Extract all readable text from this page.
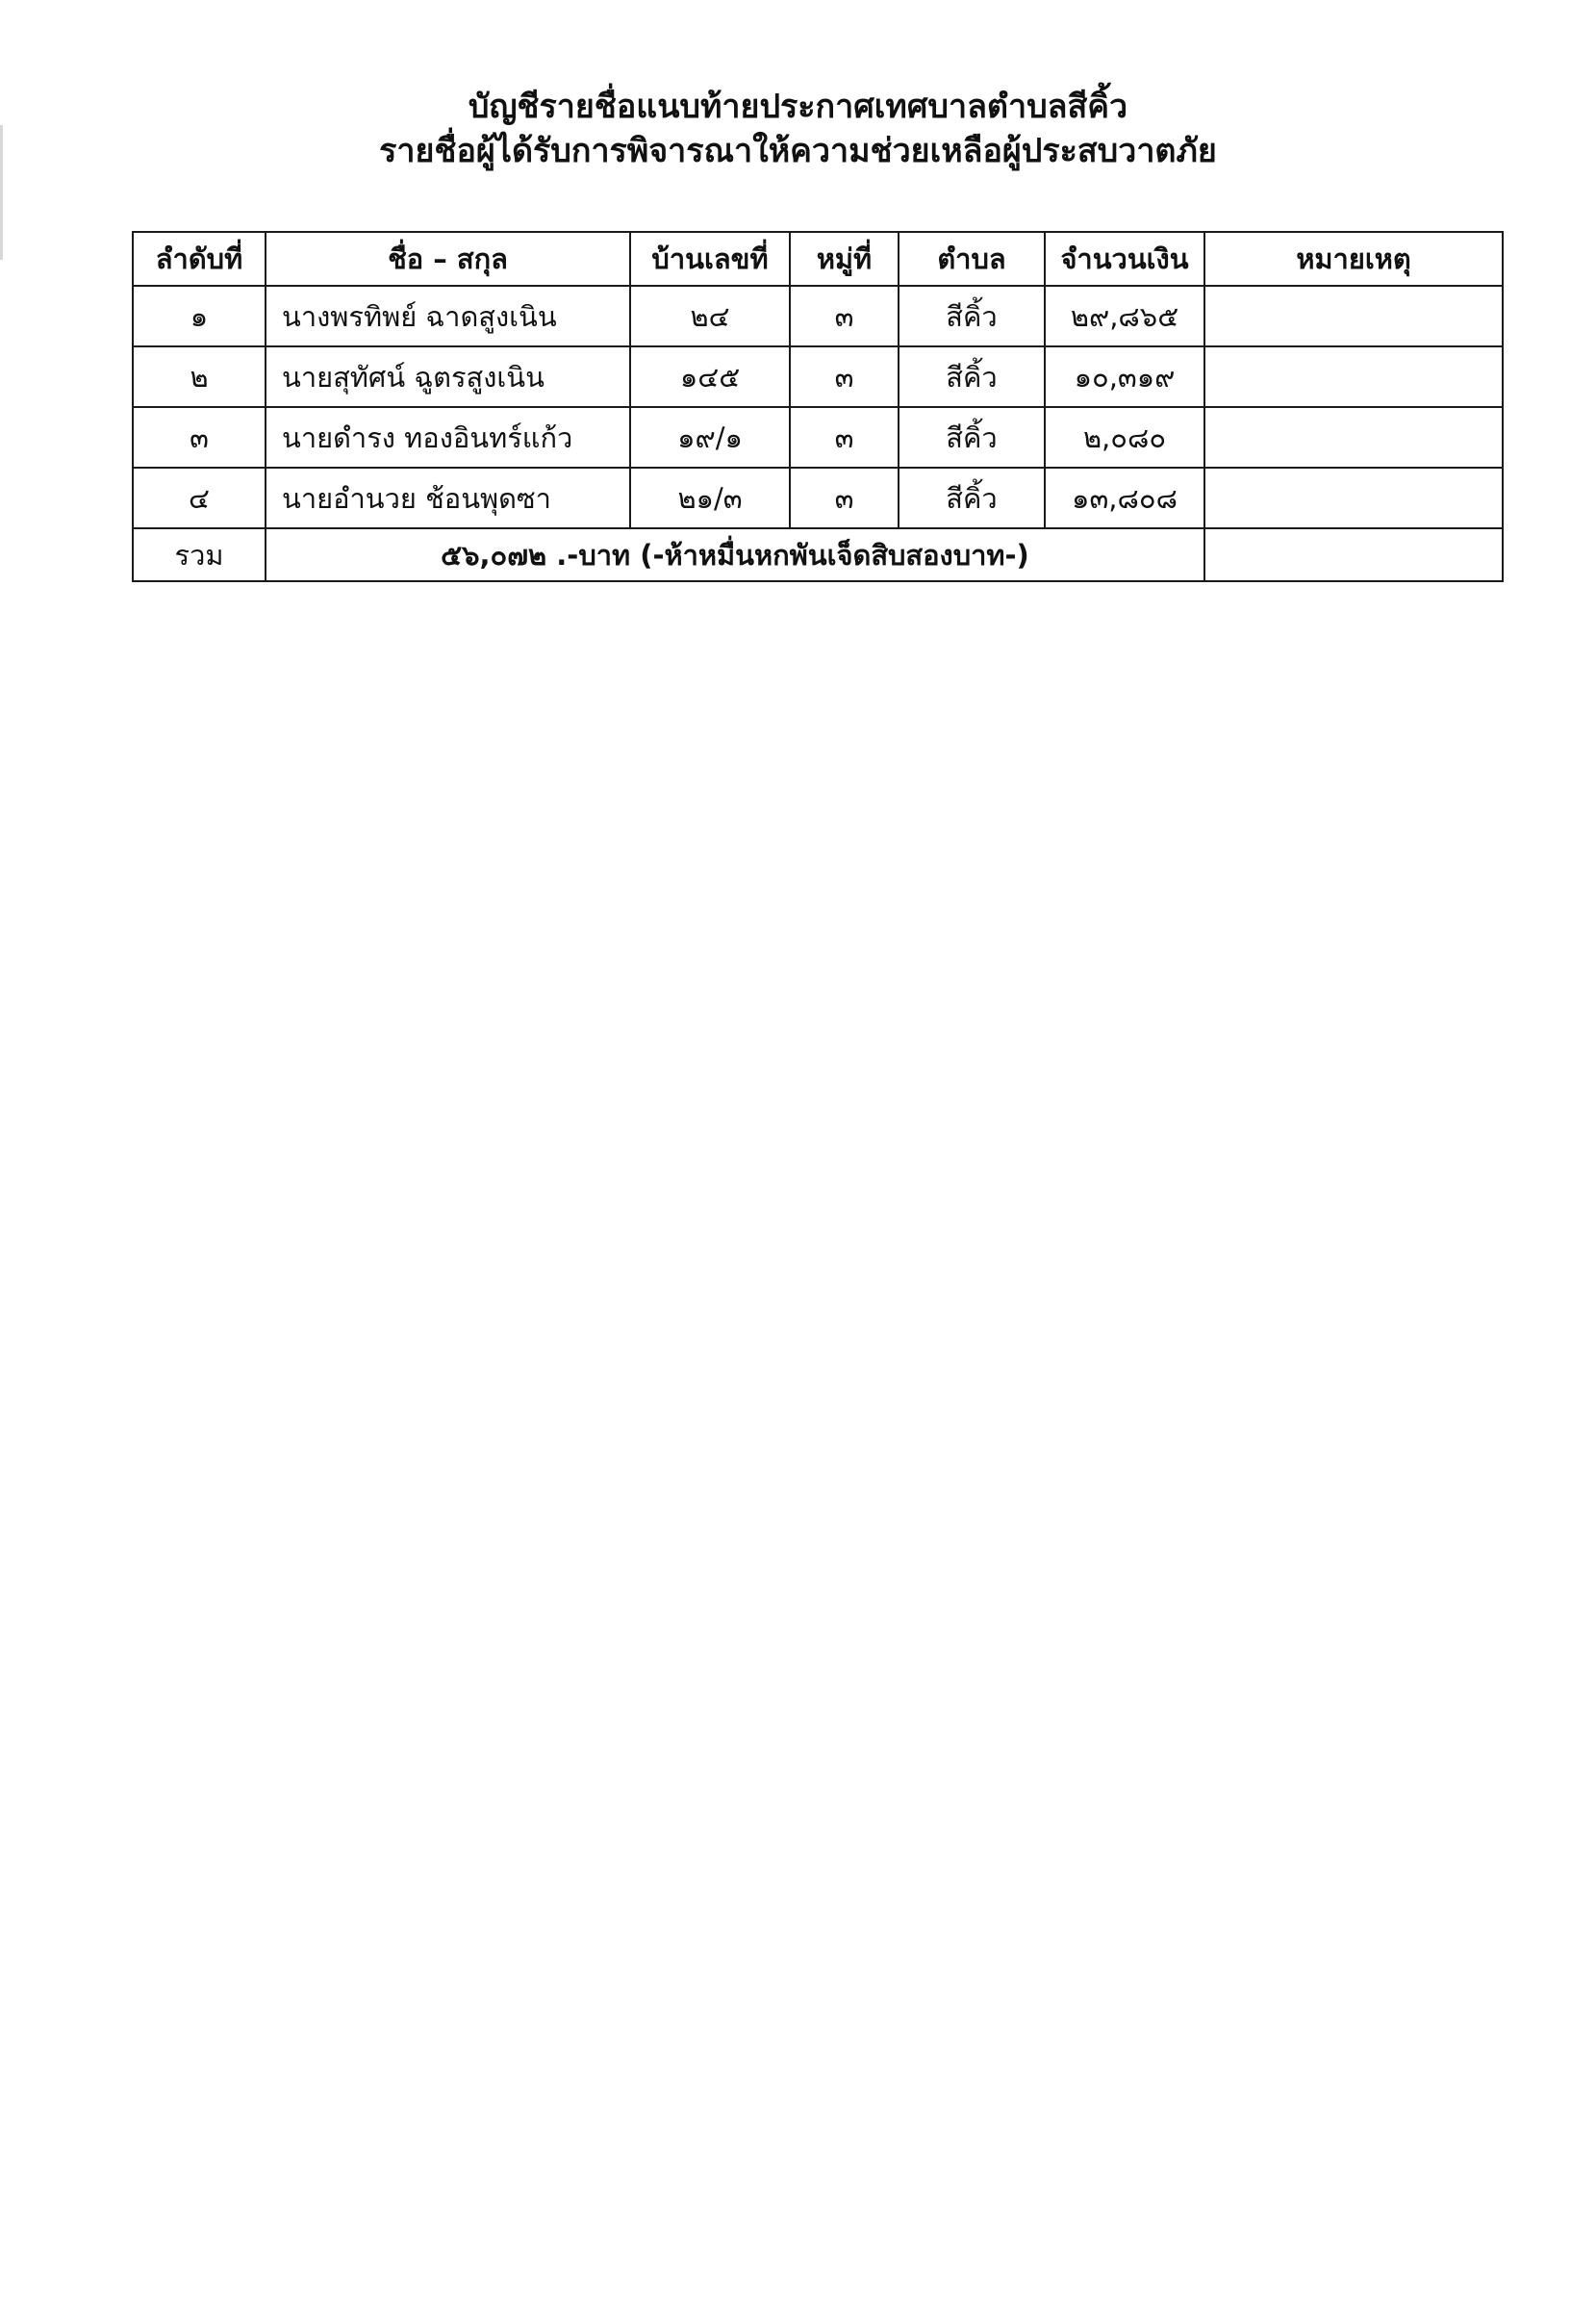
บัญชีรายชื่อแนบท้ายประกาศเทศบาลตำบลสีคิ้ว
รายชื่อผู้ได้รับการพิจารณาให้ความช่วยเหลือผู้ประสบวาตภัย
ลำดับที่	ชื่อ – สกุล	บ้านเลขที่	หมู่ที่	ตำบล	จำนวนเงิน	หมายเหตุ
๑	นางพรทิพย์ ฉาดสูงเนิน	๒๔	๓	สีคิ้ว	๒๙,๘๖๕	
๒	นายสุทัศน์ ฉูตรสูงเนิน	๑๔๕	๓	สีคิ้ว	๑๐,๓๑๙	
๓	นายดำรง ทองอินทร์แก้ว	๑๙/๑	๓	สีคิ้ว	๒,๐๘๐	
๔	นายอำนวย ช้อนพุดซา	๒๑/๓	๓	สีคิ้ว	๑๓,๘๐๘	
รวม	๕๖,๐๗๒ .-บาท (-ห้าหมื่นหกพันเจ็ดสิบสองบาท-)					
